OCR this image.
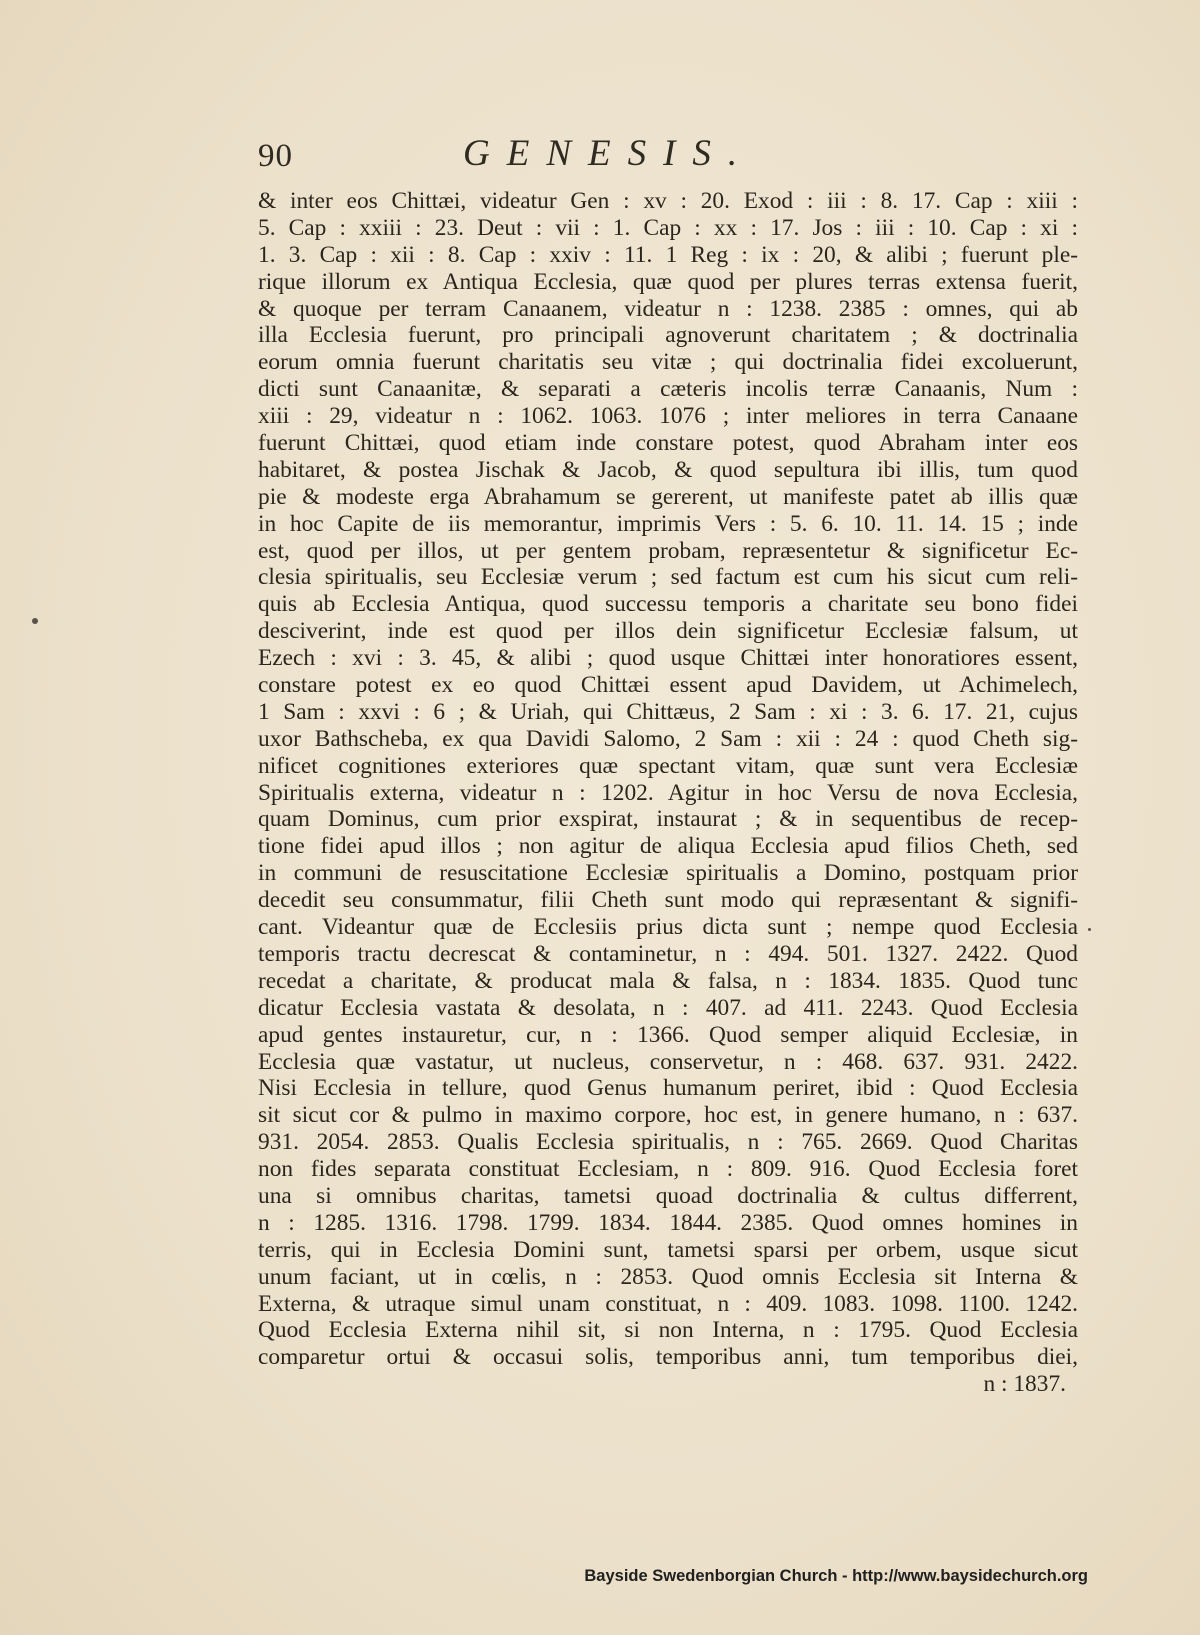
90	GENESIS.
& inter eos Chittæi, videatur Gen : xv : 20. Exod : iii : 8. 17. Cap : xiii :
5. Cap : xxiii : 23. Deut : vii : 1. Cap : xx : 17. Jos : iii : 10. Cap : xi :
1. 3. Cap : xii : 8. Cap : xxiv : 11. 1 Reg : ix : 20, & alibi ; fuerunt ple-
rique illorum ex Antiqua Ecclesia, quæ quod per plures terras extensa fuerit,
& quoque per terram Canaanem, videatur n : 1238. 2385 : omnes, qui ab
illa Ecclesia fuerunt, pro principali agnoverunt charitatem ; & doctrinalia
eorum omnia fuerunt charitatis seu vitæ ; qui doctrinalia fidei excoluerunt,
dicti sunt Canaanitæ, & separati a cæteris incolis terræ Canaanis, Num :
xiii : 29, videatur n : 1062. 1063. 1076 ; inter meliores in terra Canaane
fuerunt Chittæi, quod etiam inde constare potest, quod Abraham inter eos
habitaret, & postea Jischak & Jacob, & quod sepultura ibi illis, tum quod
pie & modeste erga Abrahamum se gererent, ut manifeste patet ab illis quæ
in hoc Capite de iis memorantur, imprimis Vers : 5. 6. 10. 11. 14. 15 ; inde
est, quod per illos, ut per gentem probam, repræsentetur & significetur Ec-
clesia spiritualis, seu Ecclesiæ verum ; sed factum est cum his sicut cum reli-
quis ab Ecclesia Antiqua, quod successu temporis a charitate seu bono fidei
desciverint, inde est quod per illos dein significetur Ecclesiæ falsum, ut
Ezech : xvi : 3. 45, & alibi ; quod usque Chittæi inter honoratiores essent,
constare potest ex eo quod Chittæi essent apud Davidem, ut Achimelech,
1 Sam : xxvi : 6 ; & Uriah, qui Chittæus, 2 Sam : xi : 3. 6. 17. 21, cujus
uxor Bathscheba, ex qua Davidi Salomo, 2 Sam : xii : 24 : quod Cheth sig-
nificet cognitiones exteriores quæ spectant vitam, quæ sunt vera Ecclesiæ
Spiritualis externa, videatur n : 1202. Agitur in hoc Versu de nova Ecclesia,
quam Dominus, cum prior exspirat, instaurat ; & in sequentibus de recep-
tione fidei apud illos ; non agitur de aliqua Ecclesia apud filios Cheth, sed
in communi de resuscitatione Ecclesiæ spiritualis a Domino, postquam prior
decedit seu consummatur, filii Cheth sunt modo qui repræsentant & signifi-
cant. Videantur quæ de Ecclesiis prius dicta sunt ; nempe quod Ecclesia
temporis tractu decrescat & contaminetur, n : 494. 501. 1327. 2422. Quod
recedat a charitate, & producat mala & falsa, n : 1834. 1835. Quod tunc
dicatur Ecclesia vastata & desolata, n : 407. ad 411. 2243. Quod Ecclesia
apud gentes instauretur, cur, n : 1366. Quod semper aliquid Ecclesiæ, in
Ecclesia quæ vastatur, ut nucleus, conservetur, n : 468. 637. 931. 2422.
Nisi Ecclesia in tellure, quod Genus humanum periret, ibid : Quod Ecclesia
sit sicut cor & pulmo in maximo corpore, hoc est, in genere humano, n : 637.
931. 2054. 2853. Qualis Ecclesia spiritualis, n : 765. 2669. Quod Charitas
non fides separata constituat Ecclesiam, n : 809. 916. Quod Ecclesia foret
una si omnibus charitas, tametsi quoad doctrinalia & cultus differrent,
n : 1285. 1316. 1798. 1799. 1834. 1844. 2385. Quod omnes homines in
terris, qui in Ecclesia Domini sunt, tametsi sparsi per orbem, usque sicut
unum faciant, ut in cœlis, n : 2853. Quod omnis Ecclesia sit Interna &
Externa, & utraque simul unam constituat, n : 409. 1083. 1098. 1100. 1242.
Quod Ecclesia Externa nihil sit, si non Interna, n : 1795. Quod Ecclesia
comparetur ortui & occasui solis, temporibus anni, tum temporibus diei,
n : 1837.
Bayside Swedenborgian Church - http://www.baysidechurch.org
